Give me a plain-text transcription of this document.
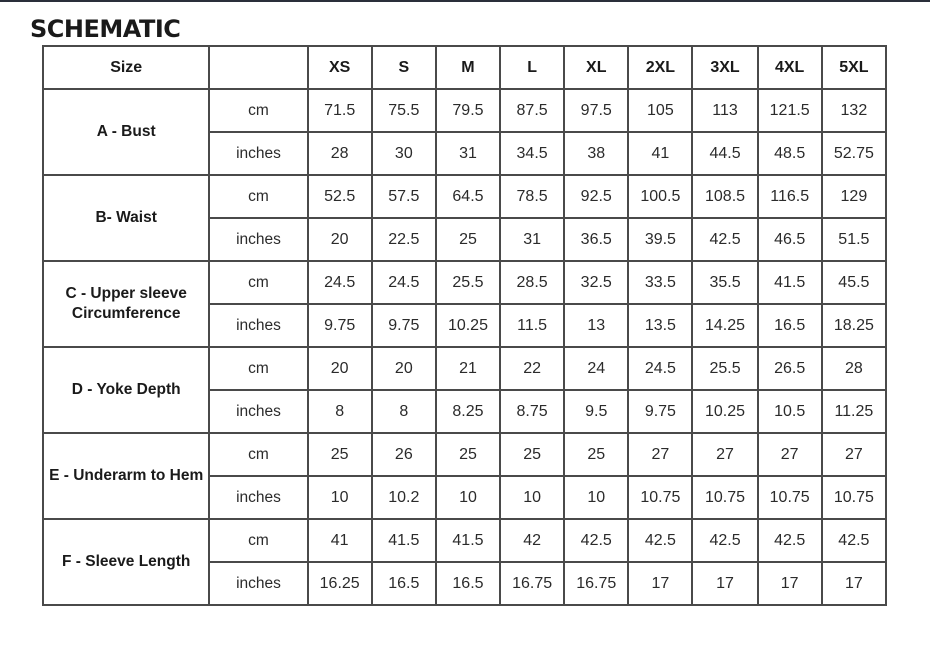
SCHEMATIC
Size		XS	S	M	L	XL	2XL	3XL	4XL	5XL
A - Bust	cm	71.5	75.5	79.5	87.5	97.5	105	113	121.5	132
	inches	28	30	31	34.5	38	41	44.5	48.5	52.75
B- Waist	cm	52.5	57.5	64.5	78.5	92.5	100.5	108.5	116.5	129
	inches	20	22.5	25	31	36.5	39.5	42.5	46.5	51.5
C - Upper sleeve Circumference	cm	24.5	24.5	25.5	28.5	32.5	33.5	35.5	41.5	45.5
	inches	9.75	9.75	10.25	11.5	13	13.5	14.25	16.5	18.25
D - Yoke Depth	cm	20	20	21	22	24	24.5	25.5	26.5	28
	inches	8	8	8.25	8.75	9.5	9.75	10.25	10.5	11.25
E - Underarm to Hem	cm	25	26	25	25	25	27	27	27	27
	inches	10	10.2	10	10	10	10.75	10.75	10.75	10.75
F - Sleeve Length	cm	41	41.5	41.5	42	42.5	42.5	42.5	42.5	42.5
	inches	16.25	16.5	16.5	16.75	16.75	17	17	17	17
